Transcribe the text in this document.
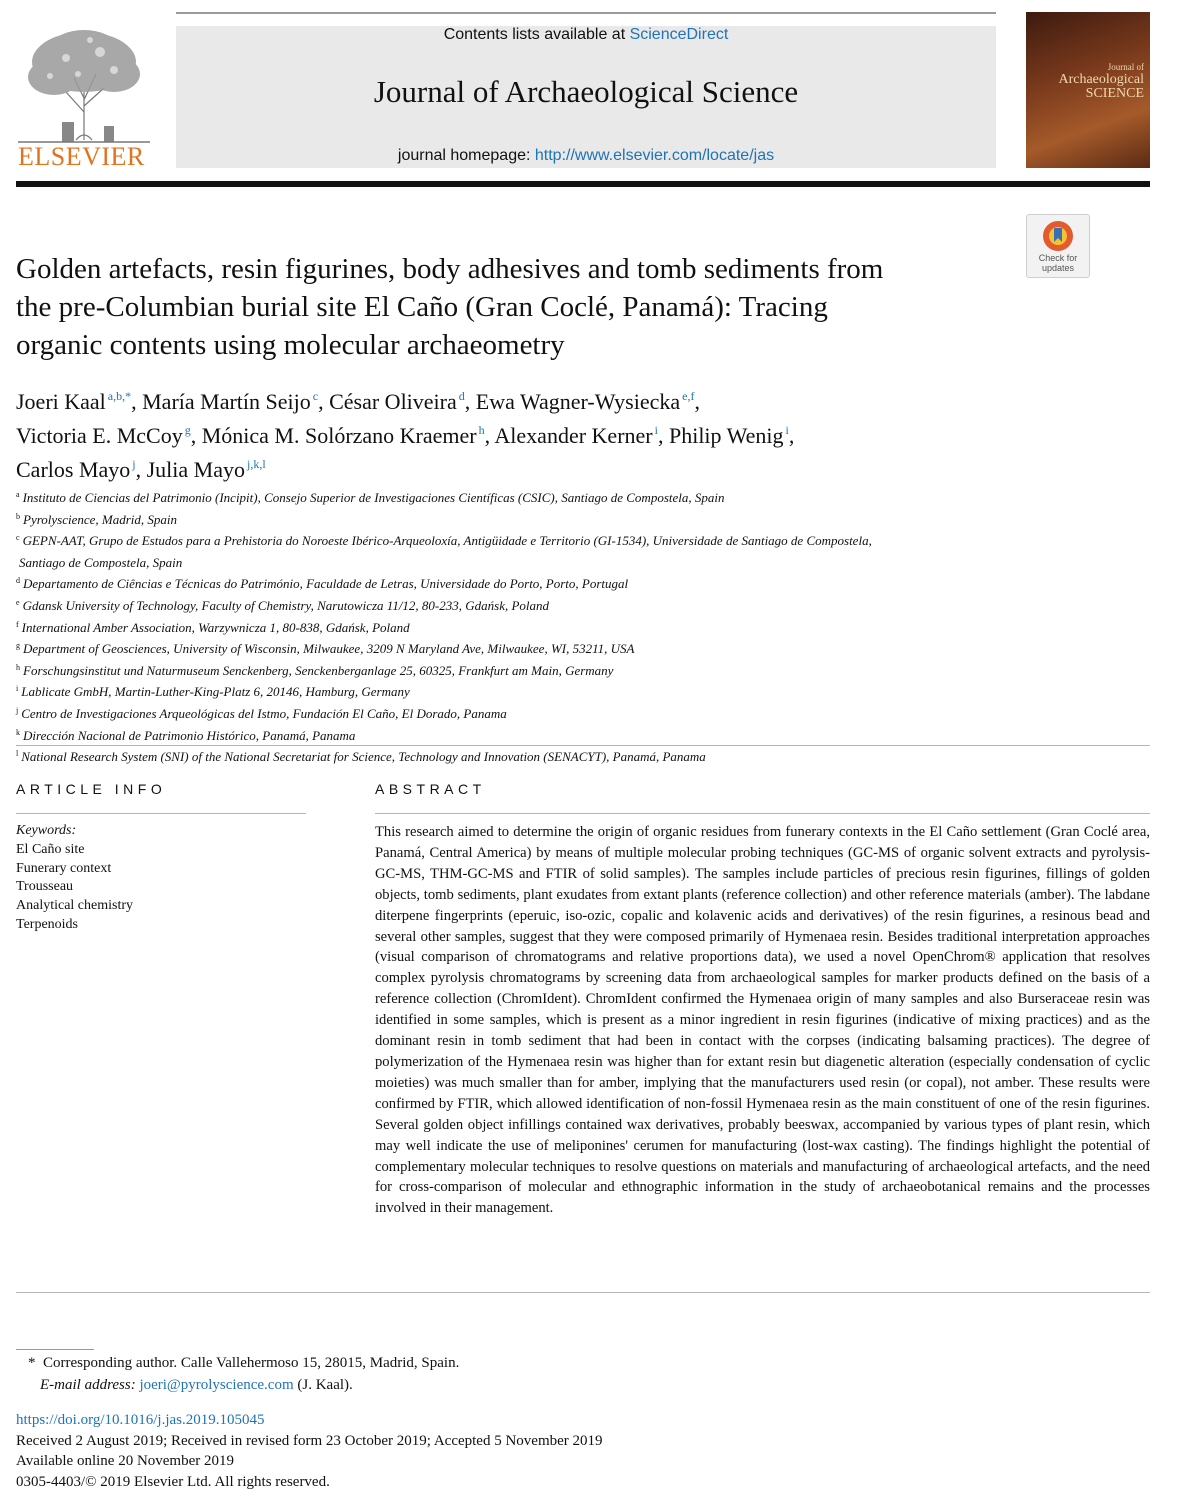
ELSEVIER
Contents lists available at ScienceDirect
Journal of Archaeological Science
journal homepage: http://www.elsevier.com/locate/jas
Journal of
Archaeological
SCIENCE
Check for
updates
Golden artefacts, resin figurines, body adhesives and tomb sediments from
the pre-Columbian burial site El Caño (Gran Coclé, Panamá): Tracing
organic contents using molecular archaeometry
Joeri Kaal $^{a,b,*}$, María Martín Seijo $^c$, César Oliveira $^d$, Ewa Wagner-Wysiecka $^{e,f}$,
Victoria E. McCoy $^g$, Mónica M. Solórzano Kraemer $^h$, Alexander Kerner $^i$, Philip Wenig $^i$,
Carlos Mayo $^j$, Julia Mayo $^{j,k,l}$
$^a$ Instituto de Ciencias del Patrimonio (Incipit), Consejo Superior de Investigaciones Científicas (CSIC), Santiago de Compostela, Spain
$^b$ Pyrolyscience, Madrid, Spain
$^c$ GEPN-AAT, Grupo de Estudos para a Prehistoria do Noroeste Ibérico-Arqueoloxía, Antigüidade e Territorio (GI-1534), Universidade de Santiago de Compostela,
Santiago de Compostela, Spain
$^d$ Departamento de Ciências e Técnicas do Património, Faculdade de Letras, Universidade do Porto, Porto, Portugal
$^e$ Gdansk University of Technology, Faculty of Chemistry, Narutowicza 11/12, 80-233, Gdańsk, Poland
$^f$ International Amber Association, Warzywnicza 1, 80-838, Gdańsk, Poland
$^g$ Department of Geosciences, University of Wisconsin, Milwaukee, 3209 N Maryland Ave, Milwaukee, WI, 53211, USA
$^h$ Forschungsinstitut und Naturmuseum Senckenberg, Senckenberganlage 25, 60325, Frankfurt am Main, Germany
$^i$ Lablicate GmbH, Martin-Luther-King-Platz 6, 20146, Hamburg, Germany
$^j$ Centro de Investigaciones Arqueológicas del Istmo, Fundación El Caño, El Dorado, Panama
$^k$ Dirección Nacional de Patrimonio Histórico, Panamá, Panama
$^l$ National Research System (SNI) of the National Secretariat for Science, Technology and Innovation (SENACYT), Panamá, Panama
ARTICLE INFO
Keywords:
El Caño site
Funerary context
Trousseau
Analytical chemistry
Terpenoids
ABSTRACT

This research aimed to determine the origin of organic residues from funerary contexts in the El Caño settlement (Gran Coclé area, Panamá, Central America) by means of multiple molecular probing techniques (GC-MS of organic solvent extracts and pyrolysis-GC-MS, THM-GC-MS and FTIR of solid samples). The samples include particles of precious resin figurines, fillings of golden objects, tomb sediments, plant exudates from extant plants (reference collection) and other reference materials (amber). The labdane diterpene fingerprints (eperuic, iso-ozic, copalic and kolavenic acids and derivatives) of the resin figurines, a resinous bead and several other samples, suggest that they were composed primarily of Hymenaea resin. Besides traditional interpretation approaches (visual comparison of chromatograms and relative proportions data), we used a novel OpenChrom® application that resolves complex pyrolysis chromatograms by screening data from archaeological samples for marker products defined on the basis of a reference collection (ChromIdent). ChromIdent confirmed the Hymenaea origin of many samples and also Burseraceae resin was identified in some samples, which is present as a minor ingredient in resin figurines (indicative of mixing practices) and as the dominant resin in tomb sediment that had been in contact with the corpses (indicating balsaming practices). The degree of polymerization of the Hymenaea resin was higher than for extant resin but diagenetic alteration (especially condensation of cyclic moieties) was much smaller than for amber, implying that the manufacturers used resin (or copal), not amber. These results were confirmed by FTIR, which allowed identification of non-fossil Hymenaea resin as the main constituent of one of the resin figurines. Several golden object infillings contained wax derivatives, probably beeswax, accompanied by various types of plant resin, which may well indicate the use of meliponines' cerumen for manufacturing (lost-wax casting). The findings highlight the potential of complementary molecular techniques to resolve questions on materials and manufacturing of archaeological artefacts, and the need for cross-comparison of molecular and ethnographic information in the study of archaeobotanical remains and the processes involved in their management.

* Corresponding author. Calle Vallehermoso 15, 28015, Madrid, Spain.
E-mail address: joeri@pyrolyscience.com (J. Kaal).
https://doi.org/10.1016/j.jas.2019.105045
Received 2 August 2019; Received in revised form 23 October 2019; Accepted 5 November 2019
Available online 20 November 2019
0305-4403/© 2019 Elsevier Ltd. All rights reserved.
